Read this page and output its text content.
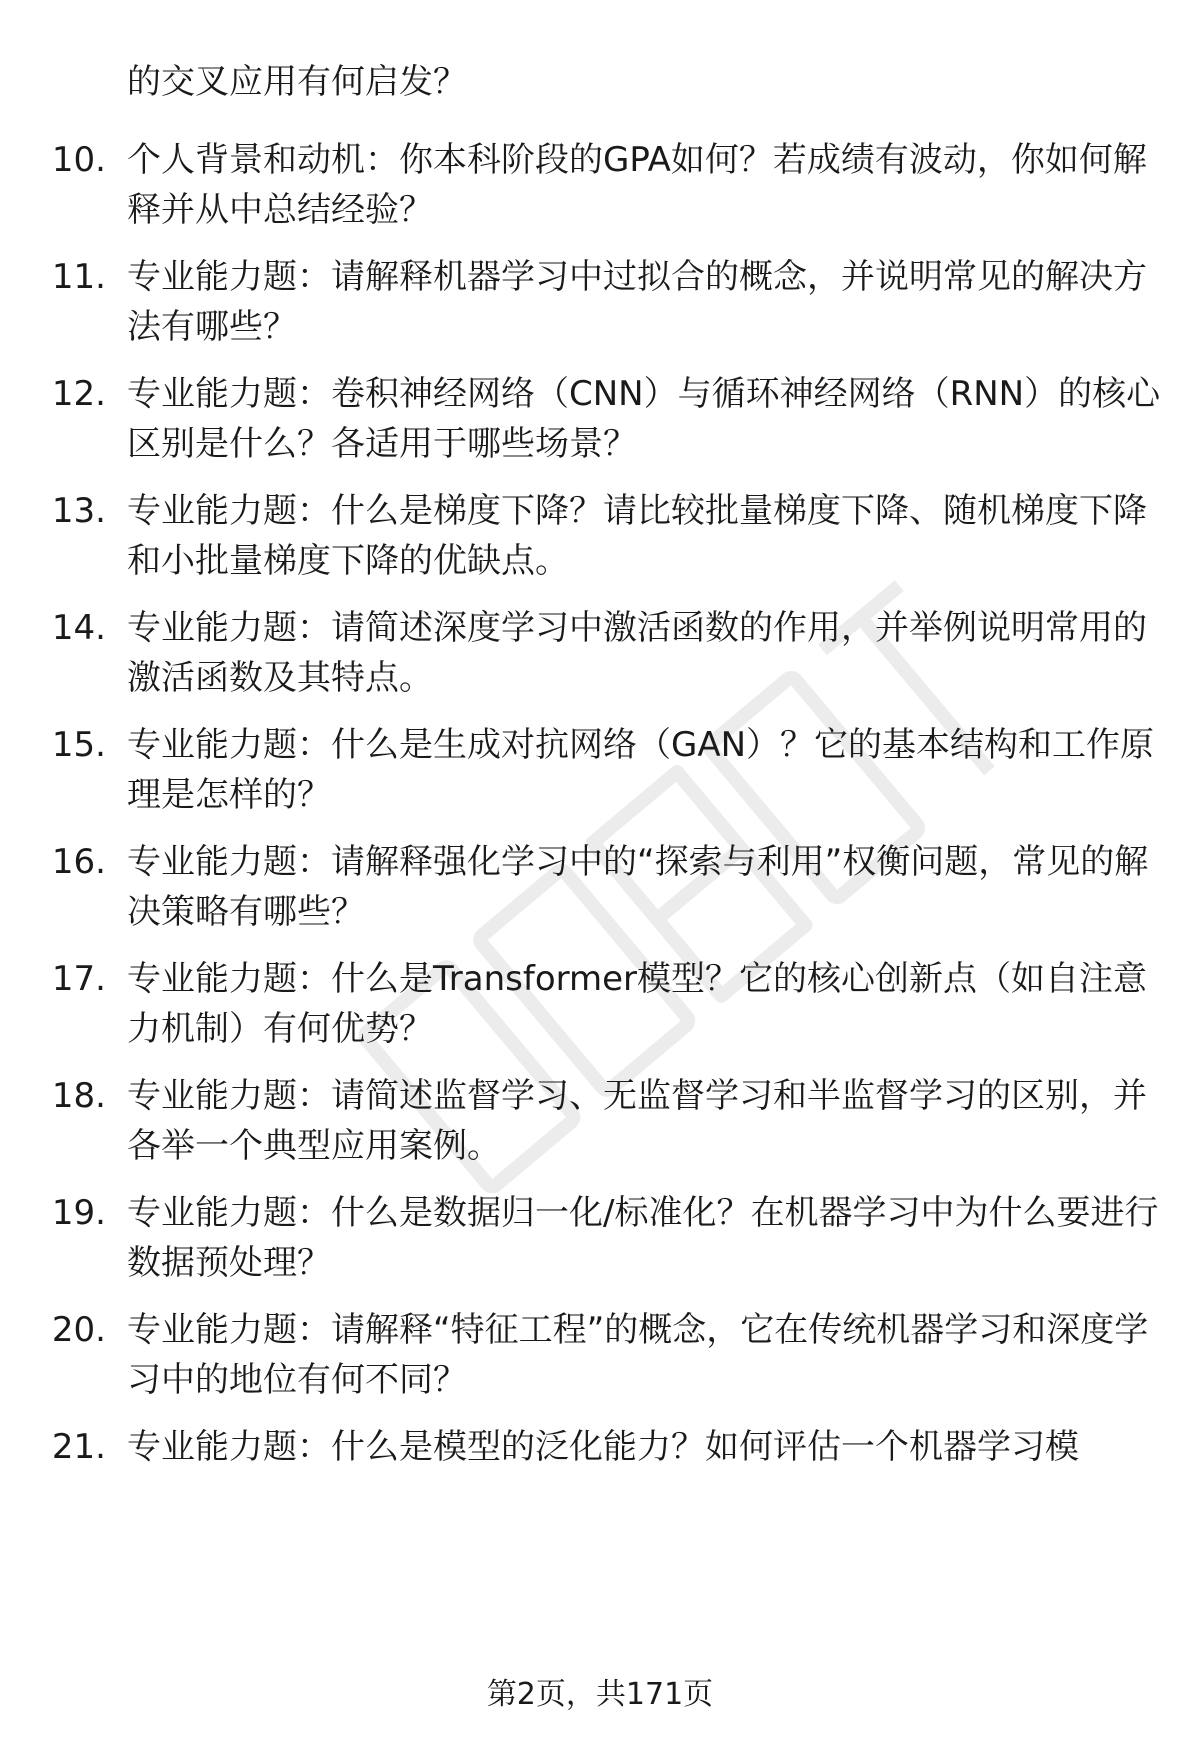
的交叉应用有何启发？
10. 个人背景和动机：你本科阶段的GPA如何？若成绩有波动，你如何解释并从中总结经验？
11. 专业能力题：请解释机器学习中过拟合的概念，并说明常见的解决方法有哪些？
12. 专业能力题：卷积神经网络（CNN）与循环神经网络（RNN）的核心区别是什么？各适用于哪些场景？
13. 专业能力题：什么是梯度下降？请比较批量梯度下降、随机梯度下降和小批量梯度下降的优缺点。
14. 专业能力题：请简述深度学习中激活函数的作用，并举例说明常用的激活函数及其特点。
15. 专业能力题：什么是生成对抗网络（GAN）？它的基本结构和工作原理是怎样的？
16. 专业能力题：请解释强化学习中的“探索与利用”权衡问题，常见的解决策略有哪些？
17. 专业能力题：什么是Transformer模型？它的核心创新点（如自注意力机制）有何优势？
18. 专业能力题：请简述监督学习、无监督学习和半监督学习的区别，并各举一个典型应用案例。
19. 专业能力题：什么是数据归一化/标准化？在机器学习中为什么要进行数据预处理？
20. 专业能力题：请解释“特征工程”的概念，它在传统机器学习和深度学习中的地位有何不同？
21. 专业能力题：什么是模型的泛化能力？如何评估一个机器学习模
第2页，共171页
